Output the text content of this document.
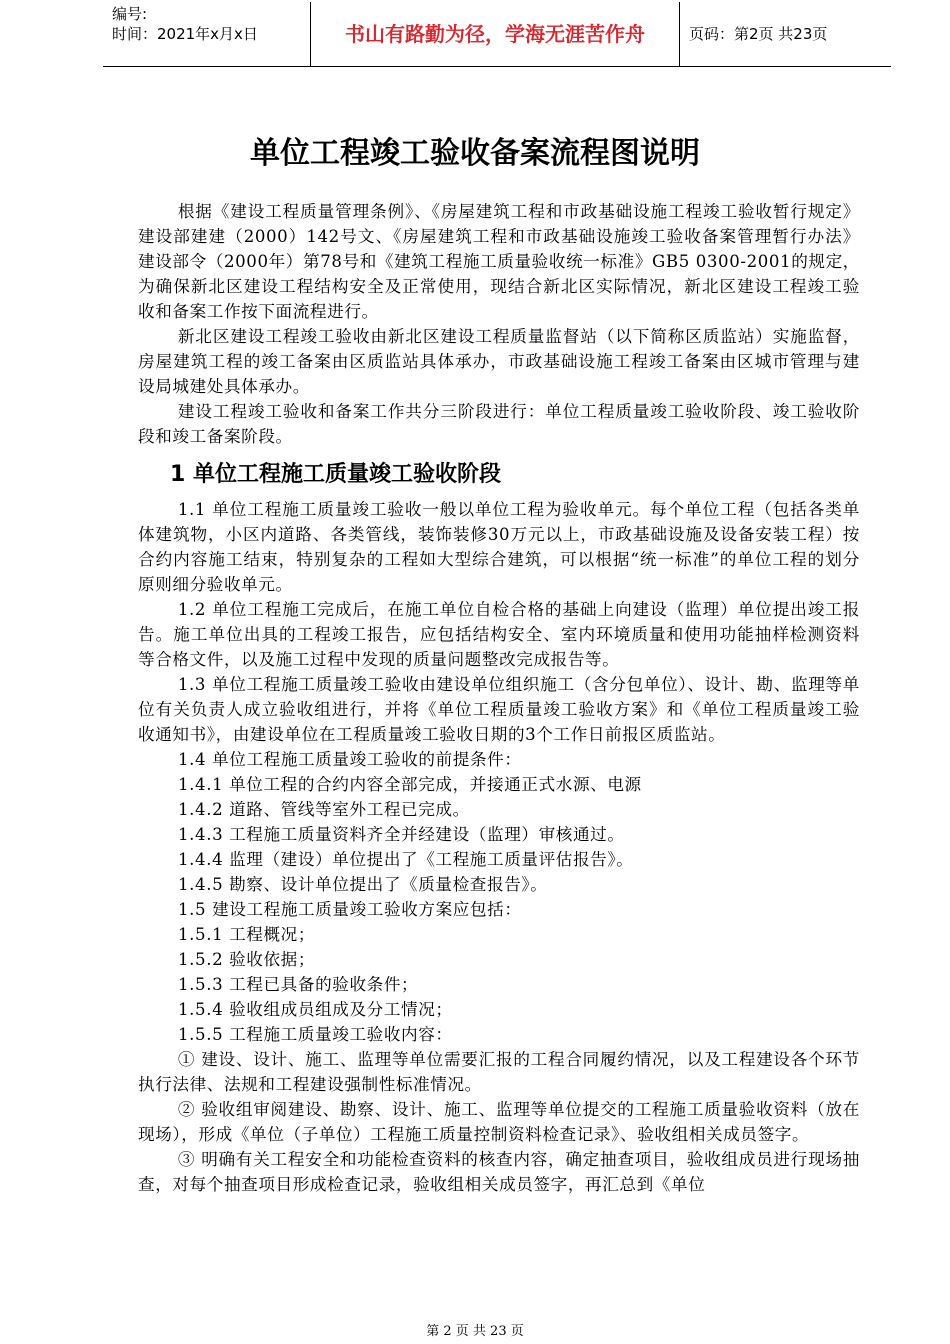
编号:
时间：2021年x月x日	书山有路勤为径，学海无涯苦作舟	页码：第2页 共23页
单位工程竣工验收备案流程图说明

根据《建设工程质量管理条例》、《房屋建筑工程和市政基础设施工程竣工验收暂行规定》建设部建建（2000）142号文、《房屋建筑工程和市政基础设施竣工验收备案管理暂行办法》建设部令（2000年）第78号和《建筑工程施工质量验收统一标准》GB5 0300-2001的规定，为确保新北区建设工程结构安全及正常使用，现结合新北区实际情况，新北区建设工程竣工验收和备案工作按下面流程进行。

新北区建设工程竣工验收由新北区建设工程质量监督站（以下简称区质监站）实施监督，房屋建筑工程的竣工备案由区质监站具体承办，市政基础设施工程竣工备案由区城市管理与建设局城建处具体承办。

建设工程竣工验收和备案工作共分三阶段进行：单位工程质量竣工验收阶段、竣工验收阶段和竣工备案阶段。

1 单位工程施工质量竣工验收阶段

1.1 单位工程施工质量竣工验收一般以单位工程为验收单元。每个单位工程（包括各类单体建筑物，小区内道路、各类管线，装饰装修30万元以上，市政基础设施及设备安装工程）按合约内容施工结束，特别复杂的工程如大型综合建筑，可以根据“统一标准”的单位工程的划分原则细分验收单元。

1.2 单位工程施工完成后，在施工单位自检合格的基础上向建设（监理）单位提出竣工报告。施工单位出具的工程竣工报告，应包括结构安全、室内环境质量和使用功能抽样检测资料等合格文件，以及施工过程中发现的质量问题整改完成报告等。

1.3 单位工程施工质量竣工验收由建设单位组织施工（含分包单位）、设计、勘、监理等单位有关负责人成立验收组进行，并将《单位工程质量竣工验收方案》和《单位工程质量竣工验收通知书》，由建设单位在工程质量竣工验收日期的3个工作日前报区质监站。

1.4 单位工程施工质量竣工验收的前提条件：

1.4.1 单位工程的合约内容全部完成，并接通正式水源、电源

1.4.2 道路、管线等室外工程已完成。

1.4.3 工程施工质量资料齐全并经建设（监理）审核通过。

1.4.4 监理（建设）单位提出了《工程施工质量评估报告》。

1.4.5 勘察、设计单位提出了《质量检查报告》。

1.5 建设工程施工质量竣工验收方案应包括：

1.5.1 工程概况；

1.5.2 验收依据；

1.5.3 工程已具备的验收条件；

1.5.4 验收组成员组成及分工情况；

1.5.5 工程施工质量竣工验收内容：

① 建设、设计、施工、监理等单位需要汇报的工程合同履约情况，以及工程建设各个环节执行法律、法规和工程建设强制性标准情况。

② 验收组审阅建设、勘察、设计、施工、监理等单位提交的工程施工质量验收资料（放在现场），形成《单位（子单位）工程施工质量控制资料检查记录》、验收组相关成员签字。

③ 明确有关工程安全和功能检查资料的核查内容，确定抽查项目，验收组成员进行现场抽查，对每个抽查项目形成检查记录，验收组相关成员签字，再汇总到《单位

第 2 页 共 23 页
